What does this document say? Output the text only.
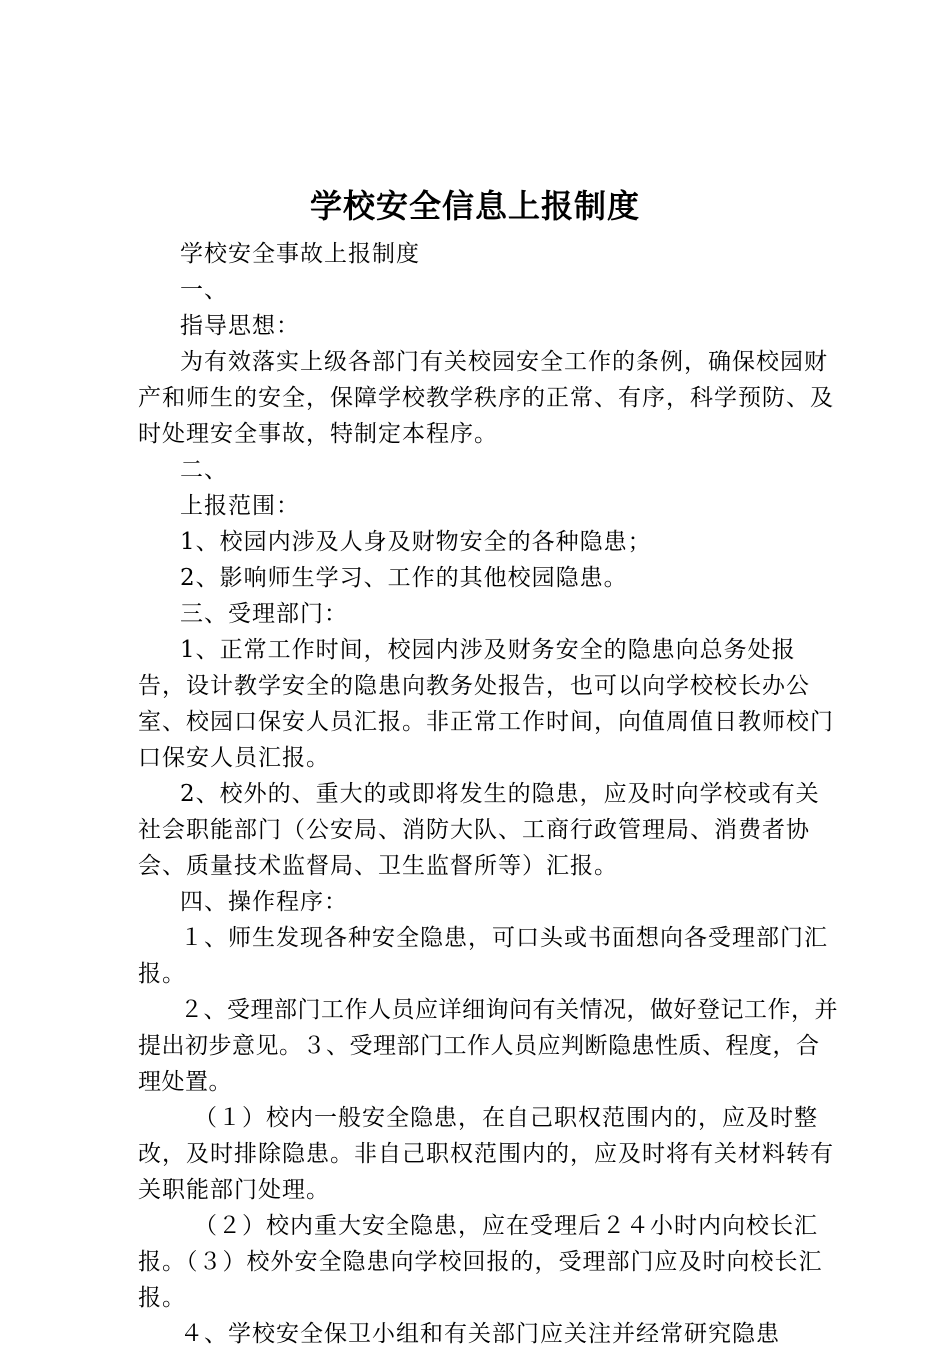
学校安全信息上报制度

学校安全事故上报制度

一、

指导思想：

为有效落实上级各部门有关校园安全工作的条例，确保校园财产和师生的安全，保障学校教学秩序的正常、有序，科学预防、及时处理安全事故，特制定本程序。

二、

上报范围：

1、校园内涉及人身及财物安全的各种隐患；

2、影响师生学习、工作的其他校园隐患。

三、受理部门：

1、正常工作时间，校园内涉及财务安全的隐患向总务处报告，设计教学安全的隐患向教务处报告，也可以向学校校长办公室、校园口保安人员汇报。非正常工作时间，向值周值日教师校门口保安人员汇报。

2、校外的、重大的或即将发生的隐患，应及时向学校或有关社会职能部门（公安局、消防大队、工商行政管理局、消费者协会、质量技术监督局、卫生监督所等）汇报。

四、操作程序：

１、师生发现各种安全隐患，可口头或书面想向各受理部门汇报。

２、受理部门工作人员应详细询问有关情况，做好登记工作，并提出初步意见。３、受理部门工作人员应判断隐患性质、程度，合理处置。

（１）校内一般安全隐患，在自己职权范围内的，应及时整改，及时排除隐患。非自己职权范围内的，应及时将有关材料转有关职能部门处理。

（２）校内重大安全隐患，应在受理后２４小时内向校长汇报。（３）校外安全隐患向学校回报的，受理部门应及时向校长汇报。

４、学校安全保卫小组和有关部门应关注并经常研究隐患
